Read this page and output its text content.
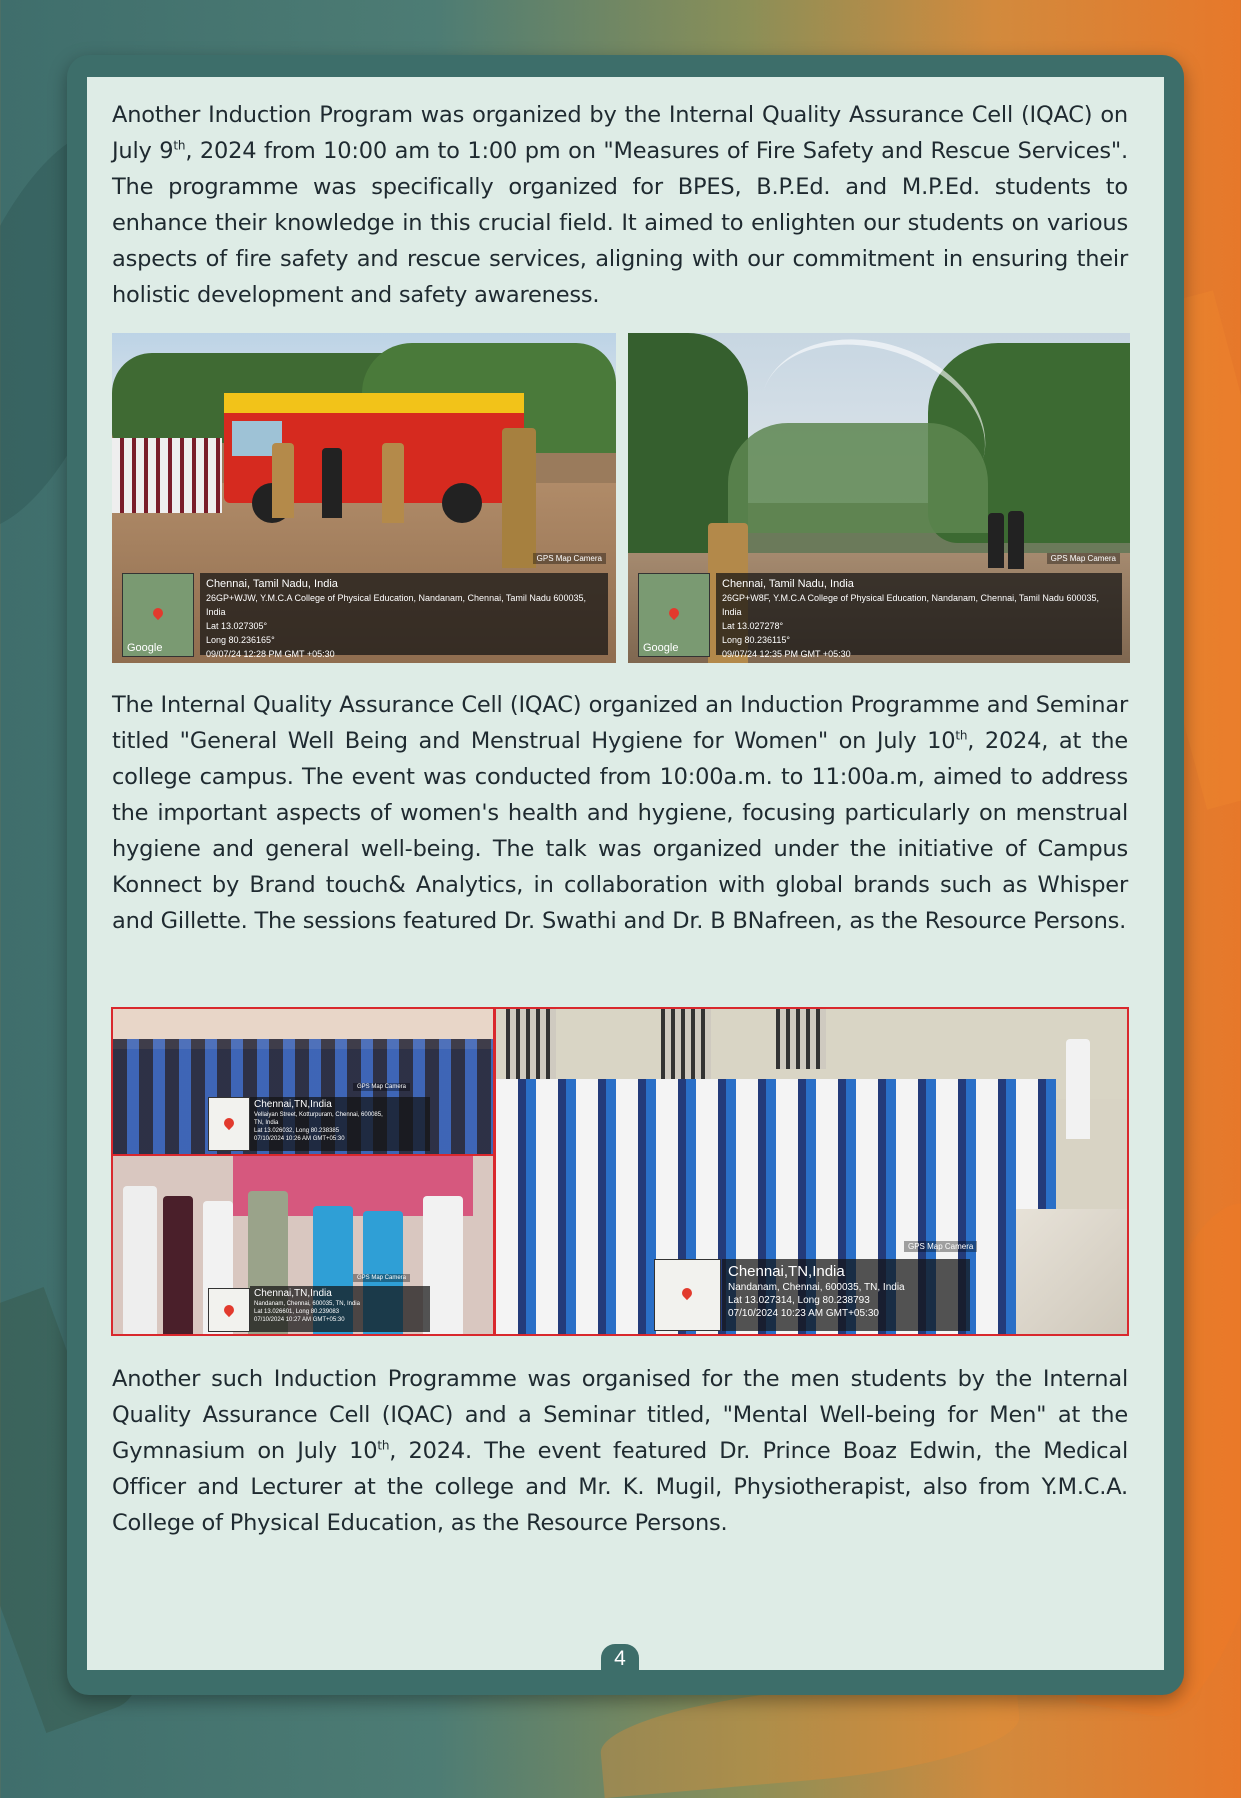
Another Induction Program was organized by the Internal Quality Assurance Cell (IQAC) on July 9th, 2024 from 10:00 am to 1:00 pm on "Measures of Fire Safety and Rescue Services". The programme was specifically organized for BPES, B.P.Ed. and M.P.Ed. students to enhance their knowledge in this crucial field. It aimed to enlighten our students on various aspects of fire safety and rescue services, aligning with our commitment in ensuring their holistic development and safety awareness.

Google
GPS Map Camera
Chennai, Tamil Nadu, India
26GP+WJW, Y.M.C.A College of Physical Education, Nandanam, Chennai, Tamil Nadu 600035, India
Lat 13.027305°
Long 80.236165°
09/07/24 12:28 PM GMT +05:30	Google
GPS Map Camera
Chennai, Tamil Nadu, India
26GP+W8F, Y.M.C.A College of Physical Education, Nandanam, Chennai, Tamil Nadu 600035, India
Lat 13.027278°
Long 80.236115°
09/07/24 12:35 PM GMT +05:30

The Internal Quality Assurance Cell (IQAC) organized an Induction Programme and Seminar titled "General Well Being and Menstrual Hygiene for Women" on July 10th, 2024, at the college campus. The event was conducted from 10:00a.m. to 11:00a.m, aimed to address the important aspects of women's health and hygiene, focusing particularly on menstrual hygiene and general well-being. The talk was organized under the initiative of Campus Konnect by Brand touch& Analytics, in collaboration with global brands such as Whisper and Gillette. The sessions featured Dr. Swathi and Dr. B BNafreen, as the Resource Persons.

GPS Map Camera
Chennai,TN,India
Vellaiyan Street, Kotturpuram, Chennai, 600085,
TN, India
Lat 13.026032, Long 80.238385
07/10/2024 10:26 AM GMT+05:30
GPS Map Camera
Chennai,TN,India
Nandanam, Chennai, 600035, TN, India
Lat 13.026601, Long 80.239083
07/10/2024 10:27 AM GMT+05:30
GPS Map Camera
Chennai,TN,India
Nandanam, Chennai, 600035, TN, India
Lat 13.027314, Long 80.238793
07/10/2024 10:23 AM GMT+05:30

Another such Induction Programme was organised for the men students by the Internal Quality Assurance Cell (IQAC) and a Seminar titled, "Mental Well-being for Men" at the Gymnasium on July 10th, 2024. The event featured Dr. Prince Boaz Edwin, the Medical Officer and Lecturer at the college and Mr. K. Mugil, Physiotherapist, also from Y.M.C.A. College of Physical Education, as the Resource Persons.

4
